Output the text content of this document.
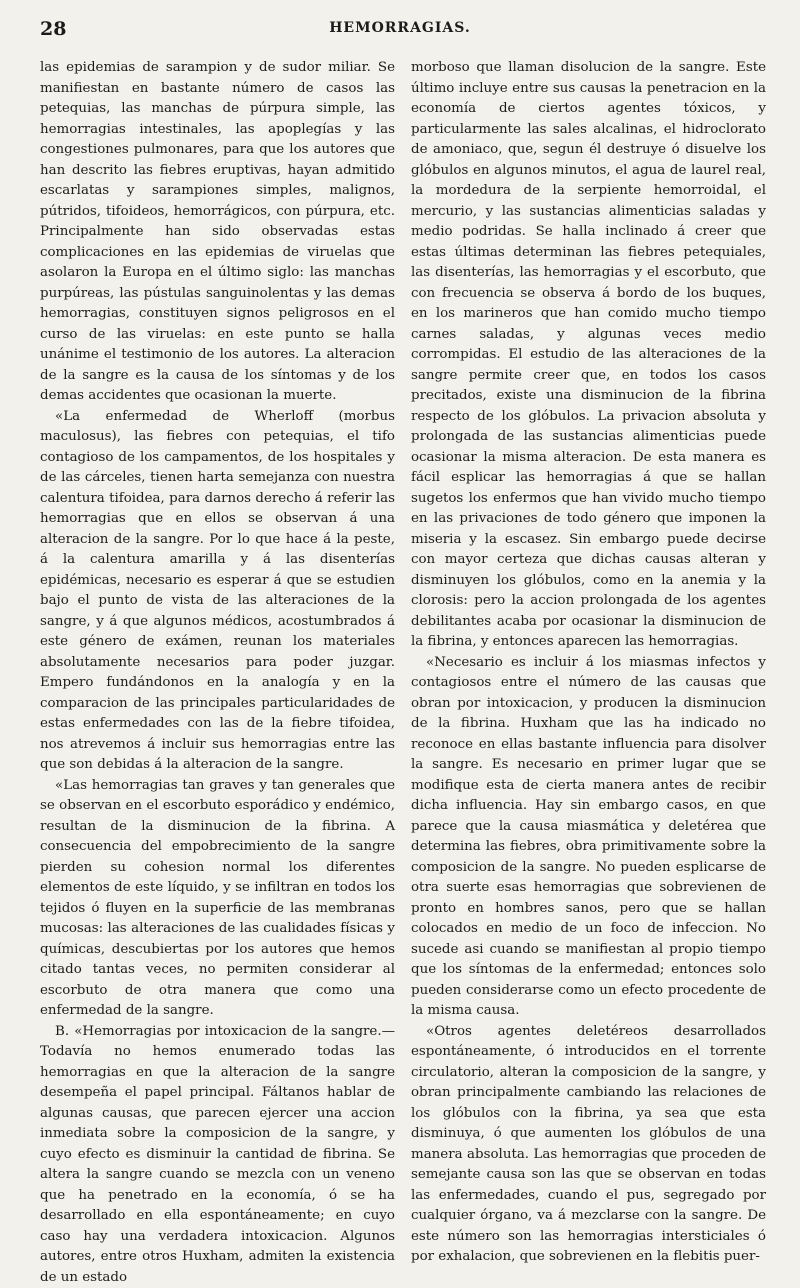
28	HEMORRAGIAS.

las epidemias de sarampion y de sudor miliar. Se manifiestan en bastante número de casos las petequias, las manchas de púrpura simple, las hemorragias intestinales, las apoplegías y las congestiones pulmonares, para que los autores que han descrito las fiebres eruptivas, hayan admitido escarlatas y sarampiones simples, malignos, pútridos, tifoideos, hemorrágicos, con púrpura, etc. Principalmente han sido observadas estas complicaciones en las epidemias de viruelas que asolaron la Europa en el último siglo: las manchas purpúreas, las pústulas sanguinolentas y las demas hemorragias, constituyen signos peligrosos en el curso de las viruelas: en este punto se halla unánime el testimonio de los autores. La alteracion de la sangre es la causa de los síntomas y de los demas accidentes que ocasionan la muerte.

«La enfermedad de Wherloff (morbus maculosus), las fiebres con petequias, el tifo contagioso de los campamentos, de los hospitales y de las cárceles, tienen harta semejanza con nuestra calentura tifoidea, para darnos derecho á referir las hemorragias que en ellos se observan á una alteracion de la sangre. Por lo que hace á la peste, á la calentura amarilla y á las disenterías epidémicas, necesario es esperar á que se estudien bajo el punto de vista de las alteraciones de la sangre, y á que algunos médicos, acostumbrados á este género de exámen, reunan los materiales absolutamente necesarios para poder juzgar. Empero fundándonos en la analogía y en la comparacion de las principales particularidades de estas enfermedades con las de la fiebre tifoidea, nos atrevemos á incluir sus hemorragias entre las que son debidas á la alteracion de la sangre.

«Las hemorragias tan graves y tan generales que se observan en el escorbuto esporádico y endémico, resultan de la disminucion de la fibrina. A consecuencia del empobrecimiento de la sangre pierden su cohesion normal los diferentes elementos de este líquido, y se infiltran en todos los tejidos ó fluyen en la superficie de las membranas mucosas: las alteraciones de las cualidades físicas y químicas, descubiertas por los autores que hemos citado tantas veces, no permiten considerar al escorbuto de otra manera que como una enfermedad de la sangre.

B. «Hemorragias por intoxicacion de la sangre.—Todavía no hemos enumerado todas las hemorragias en que la alteracion de la sangre desempeña el papel principal. Fáltanos hablar de algunas causas, que parecen ejercer una accion inmediata sobre la composicion de la sangre, y cuyo efecto es disminuir la cantidad de fibrina. Se altera la sangre cuando se mezcla con un veneno que ha penetrado en la economía, ó se ha desarrollado en ella espontáneamente; en cuyo caso hay una verdadera intoxicacion. Algunos autores, entre otros Huxham, admiten la existencia de un estado

morboso que llaman disolucion de la sangre. Este último incluye entre sus causas la penetracion en la economía de ciertos agentes tóxicos, y particularmente las sales alcalinas, el hidroclorato de amoniaco, que, segun él destruye ó disuelve los glóbulos en algunos minutos, el agua de laurel real, la mordedura de la serpiente hemorroidal, el mercurio, y las sustancias alimenticias saladas y medio podridas. Se halla inclinado á creer que estas últimas determinan las fiebres petequiales, las disenterías, las hemorragias y el escorbuto, que con frecuencia se observa á bordo de los buques, en los marineros que han comido mucho tiempo carnes saladas, y algunas veces medio corrompidas. El estudio de las alteraciones de la sangre permite creer que, en todos los casos precitados, existe una disminucion de la fibrina respecto de los glóbulos. La privacion absoluta y prolongada de las sustancias alimenticias puede ocasionar la misma alteracion. De esta manera es fácil esplicar las hemorragias á que se hallan sugetos los enfermos que han vivido mucho tiempo en las privaciones de todo género que imponen la miseria y la escasez. Sin embargo puede decirse con mayor certeza que dichas causas alteran y disminuyen los glóbulos, como en la anemia y la clorosis: pero la accion prolongada de los agentes debilitantes acaba por ocasionar la disminucion de la fibrina, y entonces aparecen las hemorragias.

«Necesario es incluir á los miasmas infectos y contagiosos entre el número de las causas que obran por intoxicacion, y producen la disminucion de la fibrina. Huxham que las ha indicado no reconoce en ellas bastante influencia para disolver la sangre. Es necesario en primer lugar que se modifique esta de cierta manera antes de recibir dicha influencia. Hay sin embargo casos, en que parece que la causa miasmática y deletérea que determina las fiebres, obra primitivamente sobre la composicion de la sangre. No pueden esplicarse de otra suerte esas hemorragias que sobrevienen de pronto en hombres sanos, pero que se hallan colocados en medio de un foco de infeccion. No sucede asi cuando se manifiestan al propio tiempo que los síntomas de la enfermedad; entonces solo pueden considerarse como un efecto procedente de la misma causa.

«Otros agentes deletéreos desarrollados espontáneamente, ó introducidos en el torrente circulatorio, alteran la composicion de la sangre, y obran principalmente cambiando las relaciones de los glóbulos con la fibrina, ya sea que esta disminuya, ó que aumenten los glóbulos de una manera absoluta. Las hemorragias que proceden de semejante causa son las que se observan en todas las enfermedades, cuando el pus, segregado por cualquier órgano, va á mezclarse con la sangre. De este número son las hemorragias intersticiales ó por exhalacion, que sobrevienen en la flebitis puer-
